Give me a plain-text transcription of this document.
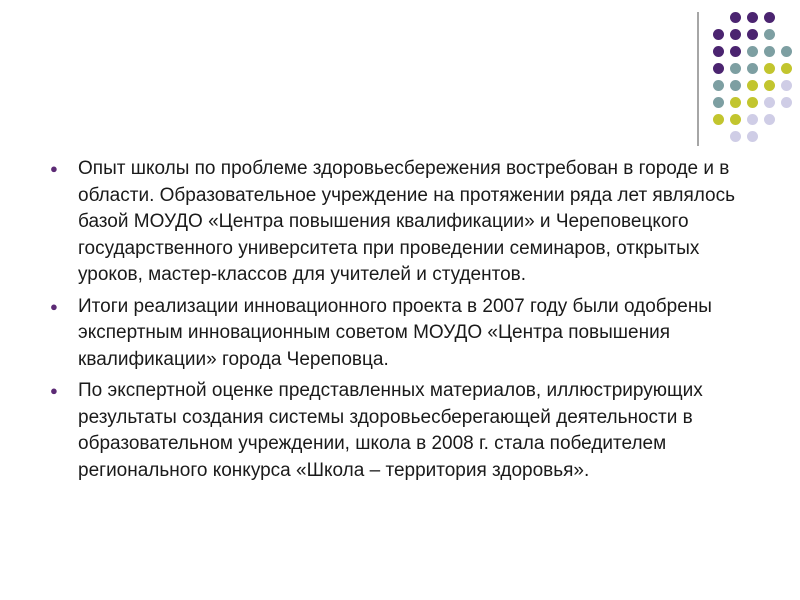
●	Опыт школы по проблеме здоровьесбережения востребован в городе и в области. Образовательное учреждение на протяжении ряда лет являлось базой МОУДО «Центра повышения квалификации» и Череповецкого государственного университета при проведении семинаров, открытых уроков, мастер-классов для учителей и студентов.
●	Итоги реализации инновационного проекта в 2007 году были одобрены экспертным инновационным советом МОУДО «Центра повышения квалификации» города Череповца.
●	По экспертной оценке представленных материалов, иллюстрирующих результаты создания системы здоровьесберегающей деятельности в образовательном учреждении, школа в 2008 г. стала победителем регионального конкурса «Школа – территория здоровья».
